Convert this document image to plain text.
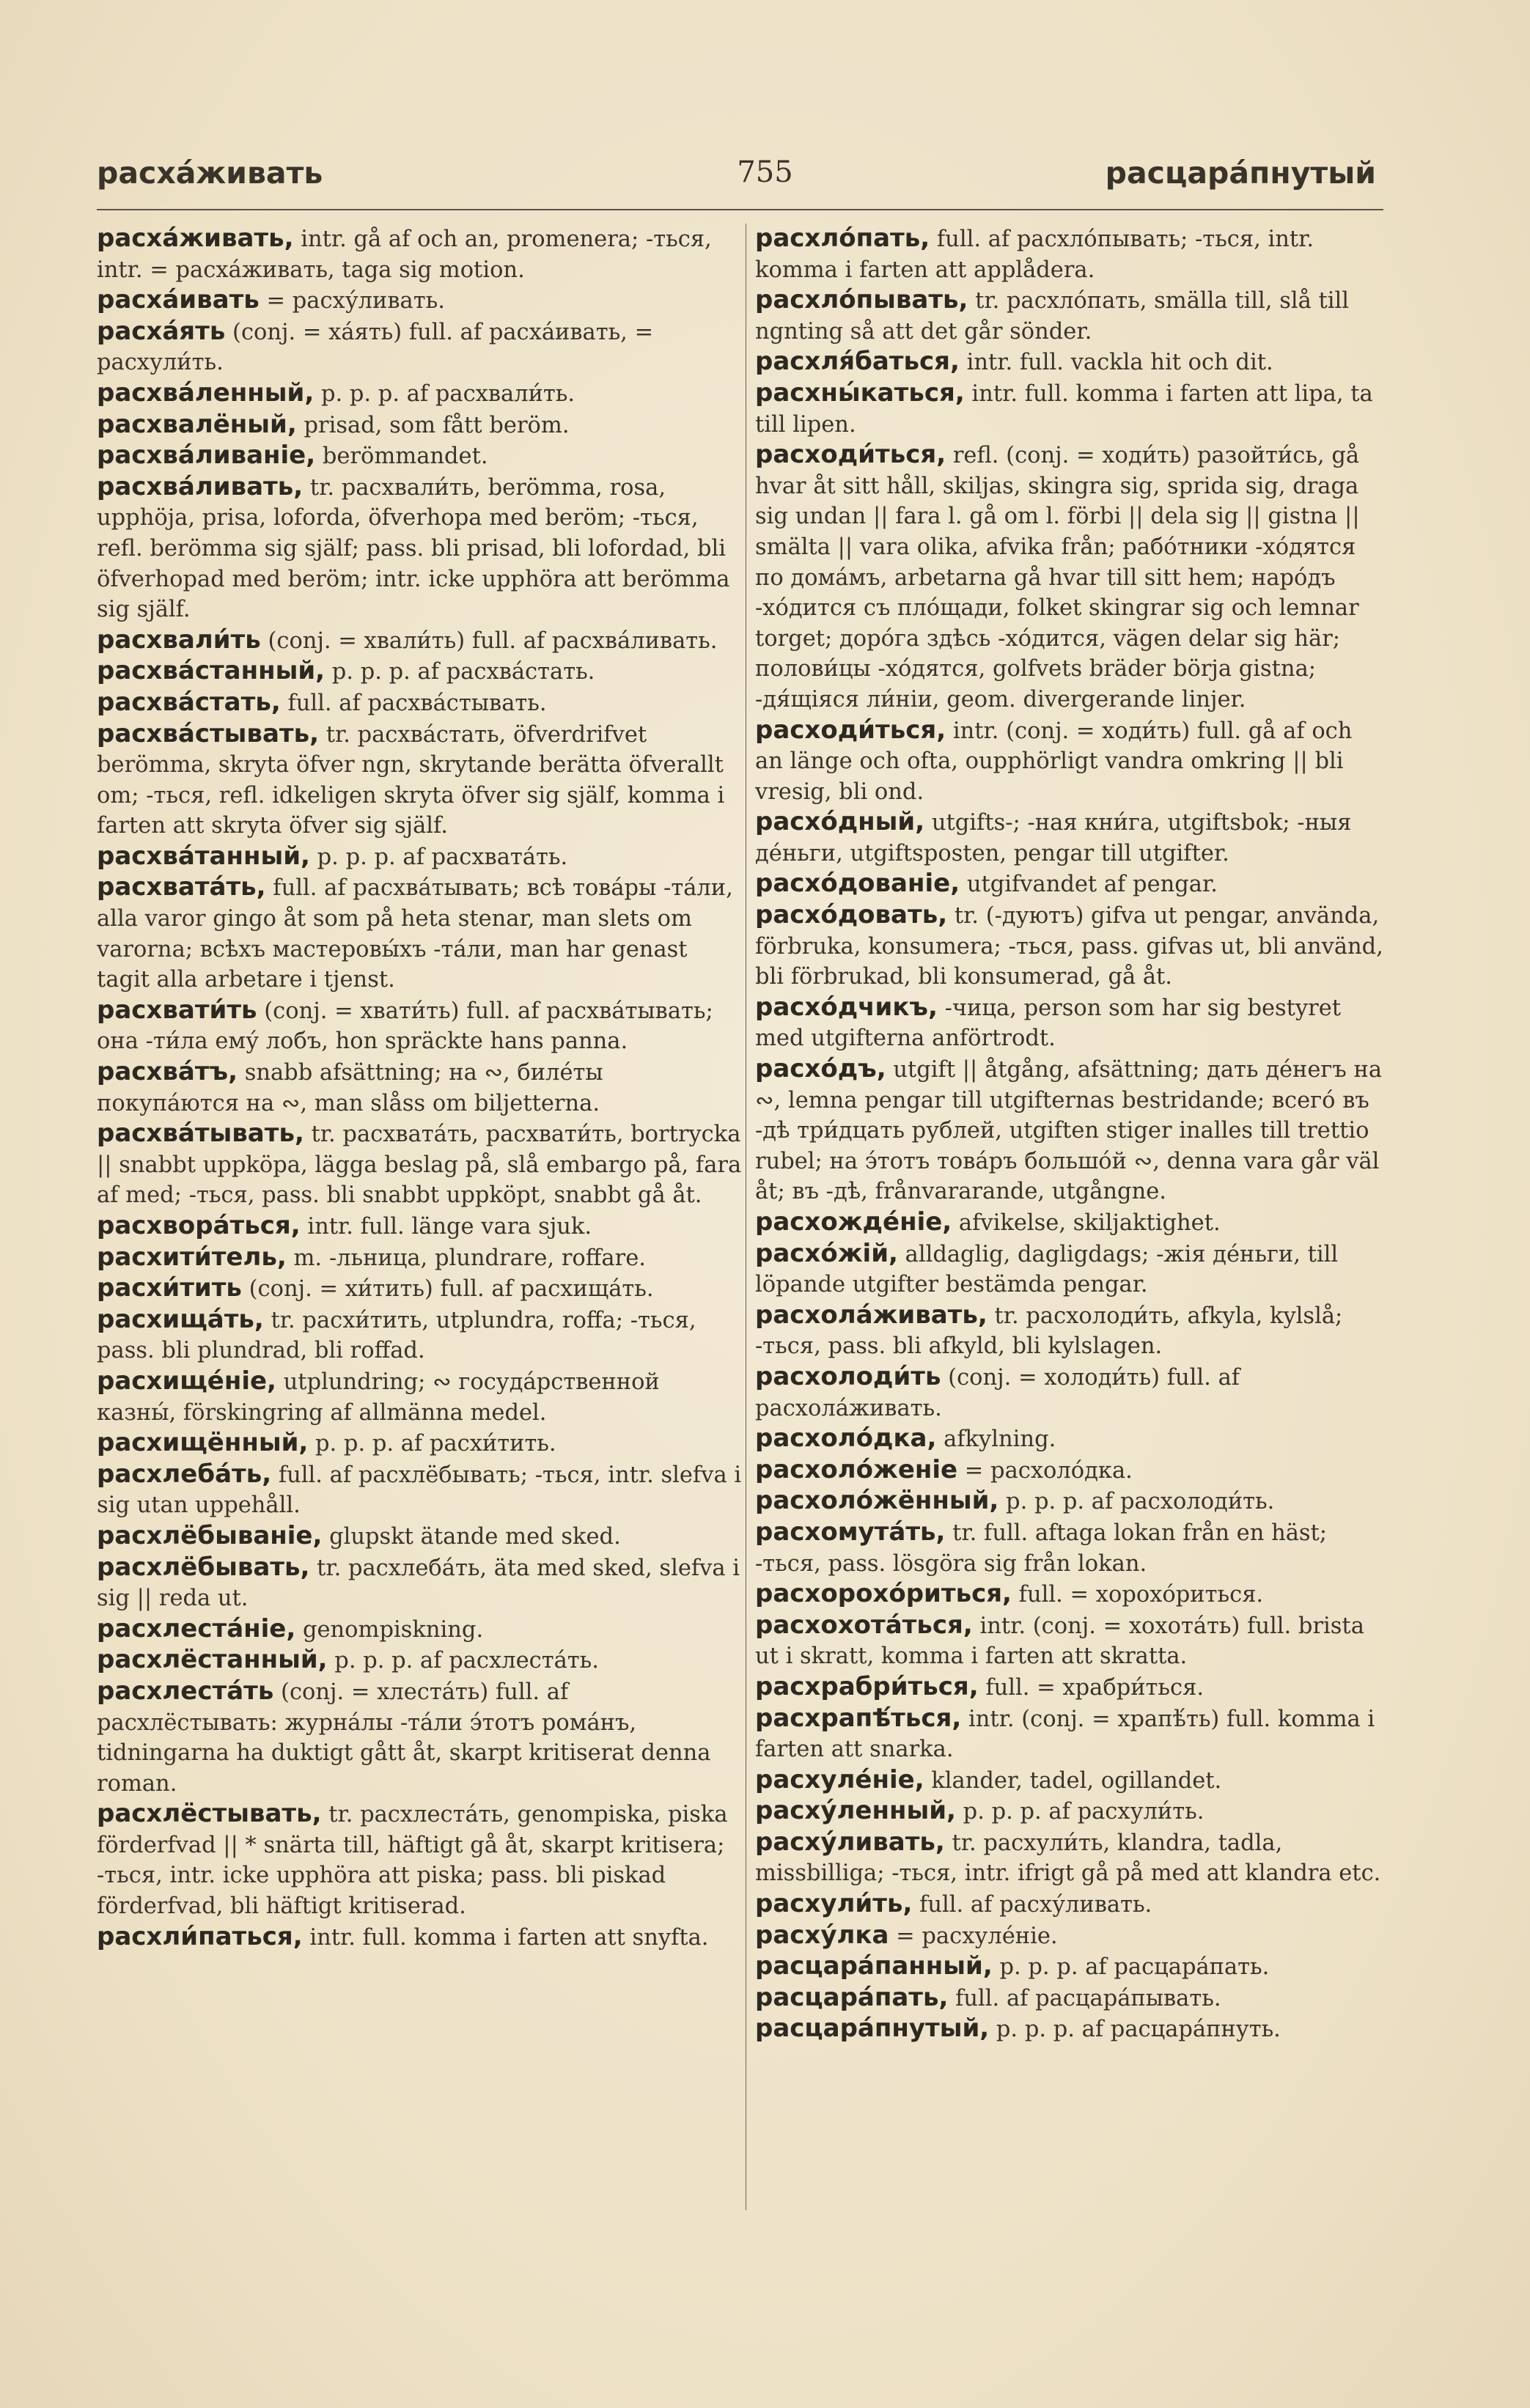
расха́живать	755	расцара́пнутый

расха́живать, intr. gå af och an, promenera; -ться, intr. = расха́живать, taga sig motion.

расха́ивать = расху́ливать.

расха́ять (conj. = ха́ять) full. af расха́ивать, = расхули́ть.

расхва́ленный, p. p. p. af расхвали́ть.

расхвалёный, prisad, som fått beröm.

расхва́ливаніе, berömmandet.

расхва́ливать, tr. расхвали́ть, berömma, rosa, upphöja, prisa, loforda, öfverhopa med beröm; -ться, refl. berömma sig själf; pass. bli prisad, bli lofordad, bli öfverhopad med beröm; intr. icke upphöra att berömma sig själf.

расхвали́ть (conj. = хвали́ть) full. af расхва́ливать.

расхва́станный, p. p. p. af расхва́стать.

расхва́стать, full. af расхва́стывать.

расхва́стывать, tr. расхва́стать, öfverdrifvet berömma, skryta öfver ngn, skrytande berätta öfverallt om; -ться, refl. idkeligen skryta öfver sig själf, komma i farten att skryta öfver sig själf.

расхва́танный, p. p. p. af расхвата́ть.

расхвата́ть, full. af расхва́тывать; всѣ това́ры -та́ли, alla varor gingo åt som på heta stenar, man slets om varorna; всѣхъ мастеровы́хъ -та́ли, man har genast tagit alla arbetare i tjenst.

расхвати́ть (conj. = хвати́ть) full. af расхва́тывать; она -ти́ла ему́ лобъ, hon spräckte hans panna.

расхва́тъ, snabb afsättning; на ∾, биле́ты покупа́ются на ∾, man slåss om biljetterna.

расхва́тывать, tr. расхвата́ть, расхвати́ть, bortrycka || snabbt uppköpa, lägga beslag på, slå embargo på, fara af med; -ться, pass. bli snabbt uppköpt, snabbt gå åt.

расхвора́ться, intr. full. länge vara sjuk.

расхити́тель, m. -льница, plundrare, roffare.

расхи́тить (conj. = хи́тить) full. af расхища́ть.

расхища́ть, tr. расхи́тить, utplundra, roffa; -ться, pass. bli plundrad, bli roffad.

расхище́ніе, utplundring; ∾ госуда́рственной казны́, förskingring af allmänna medel.

расхищённый, p. p. p. af расхи́тить.

расхлеба́ть, full. af расхлёбывать; -ться, intr. slefva i sig utan uppehåll.

расхлёбываніе, glupskt ätande med sked.

расхлёбывать, tr. расхлеба́ть, äta med sked, slefva i sig || reda ut.

расхлеста́ніе, genompiskning.

расхлёстанный, p. p. p. af расхлеста́ть.

расхлеста́ть (conj. = хлеста́ть) full. af расхлёстывать: журна́лы -та́ли э́тотъ рома́нъ, tidningarna ha duktigt gått åt, skarpt kritiserat denna roman.

расхлёстывать, tr. расхлеста́ть, genompiska, piska förderfvad || * snärta till, häftigt gå åt, skarpt kritisera; -ться, intr. icke upphöra att piska; pass. bli piskad förderfvad, bli häftigt kritiserad.

расхли́паться, intr. full. komma i farten att snyfta.

расхло́пать, full. af расхло́пывать; -ться, intr. komma i farten att applådera.

расхло́пывать, tr. расхло́пать, smälla till, slå till ngnting så att det går sönder.

расхля́баться, intr. full. vackla hit och dit.

расхны́каться, intr. full. komma i farten att lipa, ta till lipen.

расходи́ться, refl. (conj. = ходи́ть) разойти́сь, gå hvar åt sitt håll, skiljas, skingra sig, sprida sig, draga sig undan || fara l. gå om l. förbi || dela sig || gistna || smälta || vara olika, afvika från; рабо́тники -хо́дятся по дома́мъ, arbetarna gå hvar till sitt hem; наро́дъ -хо́дится съ пло́щади, folket skingrar sig och lemnar torget; доро́га здѣсь -хо́дится, vägen delar sig här; полови́цы -хо́дятся, golfvets bräder börja gistna; -дя́щіяся ли́ніи, geom. divergerande linjer.

расходи́ться, intr. (conj. = ходи́ть) full. gå af och an länge och ofta, oupphörligt vandra omkring || bli vresig, bli ond.

расхо́дный, utgifts-; -ная кни́га, utgiftsbok; -ныя де́ньги, utgiftsposten, pengar till utgifter.

расхо́дованіе, utgifvandet af pengar.

расхо́довать, tr. (-дуютъ) gifva ut pengar, använda, förbruka, konsumera; -ться, pass. gifvas ut, bli använd, bli förbrukad, bli konsumerad, gå åt.

расхо́дчикъ, -чица, person som har sig bestyret med utgifterna anförtrodt.

расхо́дъ, utgift || åtgång, afsättning; дать де́негъ на ∾, lemna pengar till utgifternas bestridande; всего́ въ -дѣ три́дцать рублей, utgiften stiger inalles till trettio rubel; на э́тотъ това́ръ большо́й ∾, denna vara går väl åt; въ -дѣ, frånvararande, utgångne.

расхожде́ніе, afvikelse, skiljaktighet.

расхо́жій, alldaglig, dagligdags; -жія де́ньги, till löpande utgifter bestämda pengar.

расхола́живать, tr. расхолоди́ть, afkyla, kylslå; -ться, pass. bli afkyld, bli kylslagen.

расхолоди́ть (conj. = холоди́ть) full. af расхола́живать.

расхоло́дка, afkylning.

расхоло́женіе = расхоло́дка.

расхоло́жённый, p. p. p. af расхолоди́ть.

расхомута́ть, tr. full. aftaga lokan från en häst; -ться, pass. lösgöra sig från lokan.

расхорохо́риться, full. = хорохо́риться.

расхохота́ться, intr. (conj. = хохота́ть) full. brista ut i skratt, komma i farten att skratta.

расхрабри́ться, full. = храбри́ться.

расхрапѣ́ться, intr. (conj. = храпѣ́ть) full. komma i farten att snarka.

расхуле́ніе, klander, tadel, ogillandet.

расху́ленный, p. p. p. af расхули́ть.

расху́ливать, tr. расхули́ть, klandra, tadla, missbilliga; -ться, intr. ifrigt gå på med att klandra etc.

расхули́ть, full. af расху́ливать.

расху́лка = расхуле́ніе.

расцара́панный, p. p. p. af расцара́пать.

расцара́пать, full. af расцара́пывать.

расцара́пнутый, p. p. p. af расцара́пнуть.
